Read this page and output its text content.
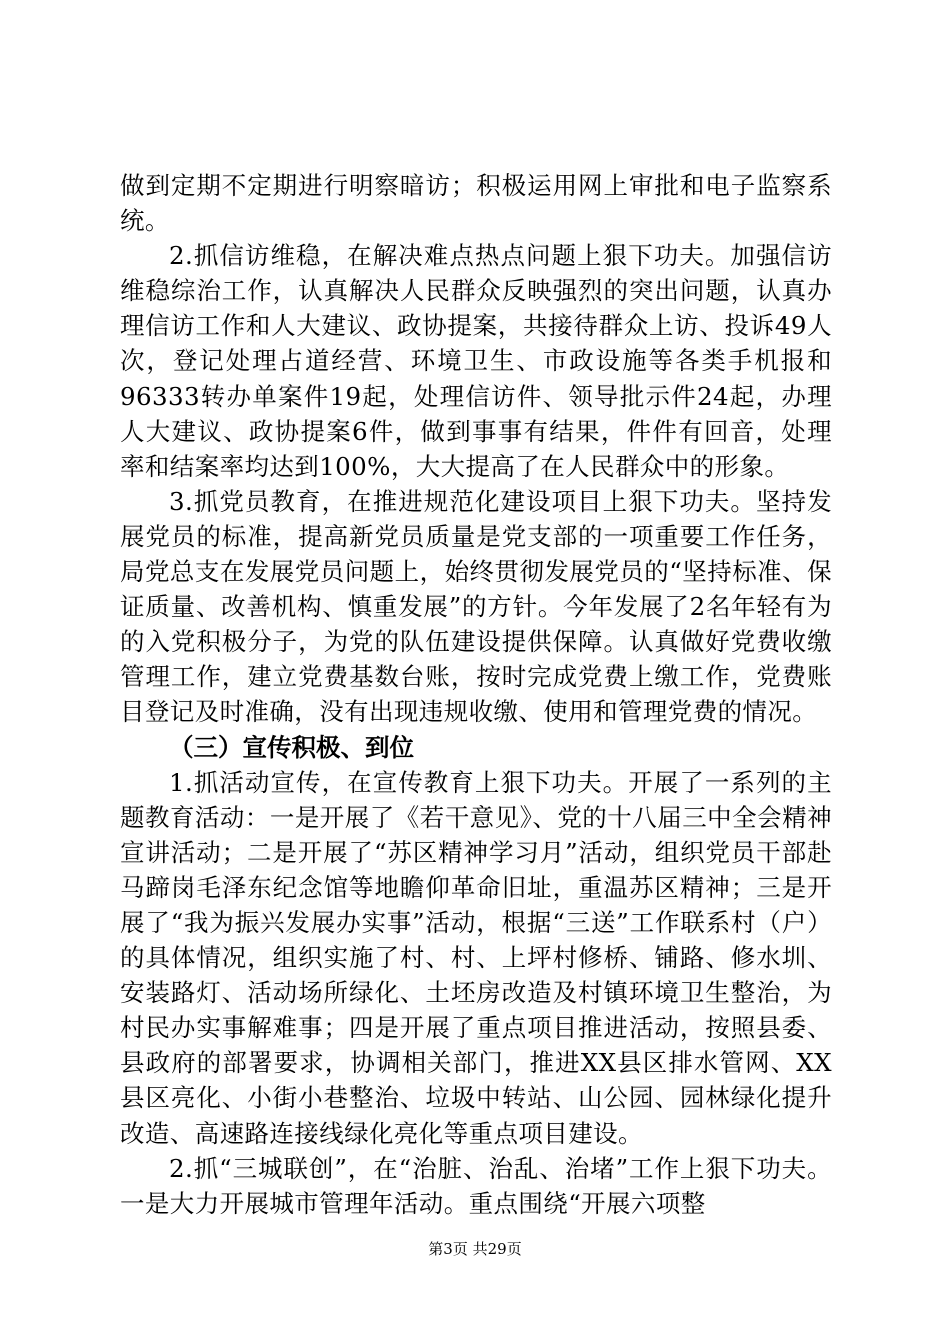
做到定期不定期进行明察暗访；积极运用网上审批和电子监察系统。

2.抓信访维稳，在解决难点热点问题上狠下功夫。加强信访维稳综治工作，认真解决人民群众反映强烈的突出问题，认真办理信访工作和人大建议、政协提案，共接待群众上访、投诉49人次，登记处理占道经营、环境卫生、市政设施等各类手机报和96333转办单案件19起，处理信访件、领导批示件24起，办理人大建议、政协提案6件，做到事事有结果，件件有回音，处理率和结案率均达到100%，大大提高了在人民群众中的形象。

3.抓党员教育，在推进规范化建设项目上狠下功夫。坚持发展党员的标准，提高新党员质量是党支部的一项重要工作任务，局党总支在发展党员问题上，始终贯彻发展党员的“坚持标准、保证质量、改善机构、慎重发展”的方针。今年发展了2名年轻有为的入党积极分子，为党的队伍建设提供保障。认真做好党费收缴管理工作，建立党费基数台账，按时完成党费上缴工作，党费账目登记及时准确，没有出现违规收缴、使用和管理党费的情况。

（三）宣传积极、到位

1.抓活动宣传，在宣传教育上狠下功夫。开展了一系列的主题教育活动：一是开展了《若干意见》、党的十八届三中全会精神宣讲活动；二是开展了“苏区精神学习月”活动，组织党员干部赴马蹄岗毛泽东纪念馆等地瞻仰革命旧址，重温苏区精神；三是开展了“我为振兴发展办实事”活动，根据“三送”工作联系村（户）的具体情况，组织实施了村、村、上坪村修桥、铺路、修水圳、安装路灯、活动场所绿化、土坯房改造及村镇环境卫生整治，为村民办实事解难事；四是开展了重点项目推进活动，按照县委、县政府的部署要求，协调相关部门，推进XX县区排水管网、XX县区亮化、小街小巷整治、垃圾中转站、山公园、园林绿化提升改造、高速路连接线绿化亮化等重点项目建设。

2.抓“三城联创”，在“治脏、治乱、治堵”工作上狠下功夫。一是大力开展城市管理年活动。重点围绕“开展六项整

第3页 共29页
